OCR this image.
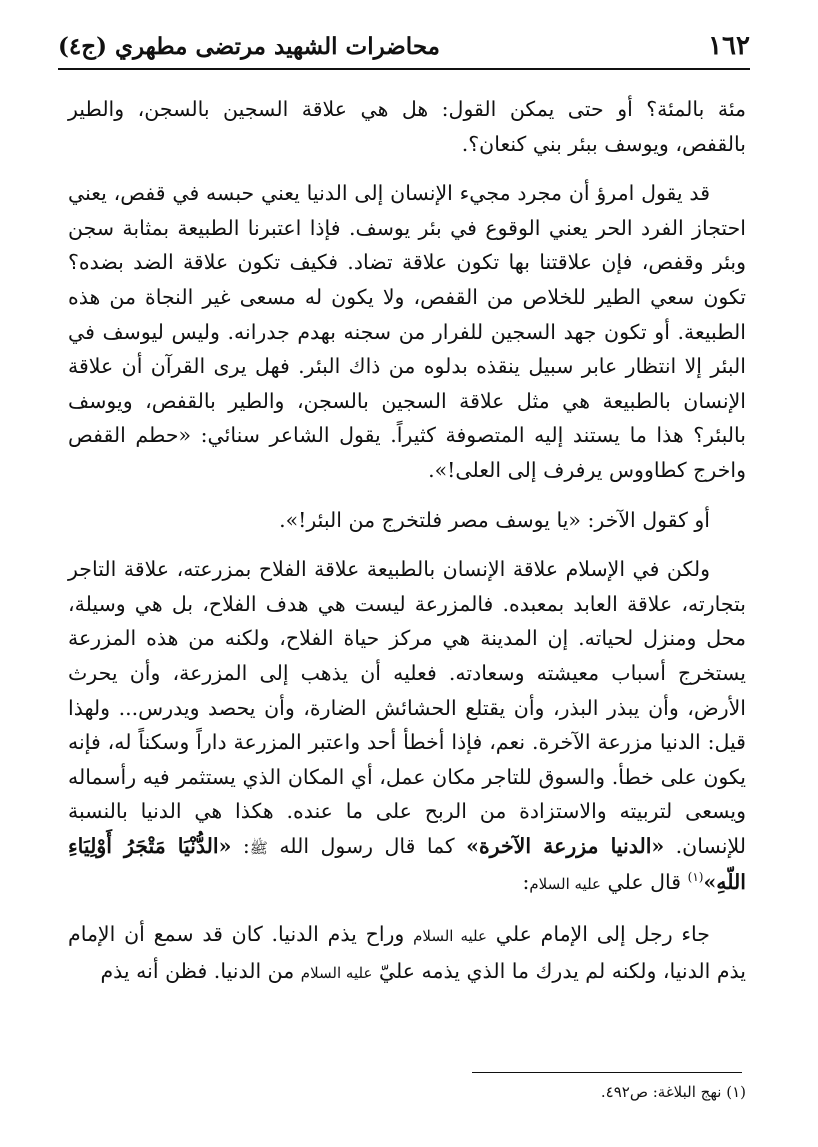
١٦٢
محاضرات الشهيد مرتضى مطهري (ج٤)

مئة بالمئة؟ أو حتى يمكن القول: هل هي علاقة السجين بالسجن، والطير بالقفص، ويوسف ببئر بني كنعان؟.

قد يقول امرؤ أن مجرد مجيء الإنسان إلى الدنيا يعني حبسه في قفص، يعني احتجاز الفرد الحر يعني الوقوع في بئر يوسف. فإذا اعتبرنا الطبيعة بمثابة سجن وبئر وقفص، فإن علاقتنا بها تكون علاقة تضاد. فكيف تكون علاقة الضد بضده؟ تكون سعي الطير للخلاص من القفص، ولا يكون له مسعى غير النجاة من هذه الطبيعة. أو تكون جهد السجين للفرار من سجنه بهدم جدرانه. وليس ليوسف في البئر إلا انتظار عابر سبيل ينقذه بدلوه من ذاك البئر. فهل يرى القرآن أن علاقة الإنسان بالطبيعة هي مثل علاقة السجين بالسجن، والطير بالقفص، ويوسف بالبئر؟ هذا ما يستند إليه المتصوفة كثيراً. يقول الشاعر سنائي: «حطم القفص واخرج كطاووس يرفرف إلى العلى!».

أو كقول الآخر: «يا يوسف مصر فلتخرج من البئر!».

ولكن في الإسلام علاقة الإنسان بالطبيعة علاقة الفلاح بمزرعته، علاقة التاجر بتجارته، علاقة العابد بمعبده. فالمزرعة ليست هي هدف الفلاح، بل هي وسيلة، محل ومنزل لحياته. إن المدينة هي مركز حياة الفلاح، ولكنه من هذه المزرعة يستخرج أسباب معيشته وسعادته. فعليه أن يذهب إلى المزرعة، وأن يحرث الأرض، وأن يبذر البذر، وأن يقتلع الحشائش الضارة، وأن يحصد ويدرس... ولهذا قيل: الدنيا مزرعة الآخرة. نعم، فإذا أخطأ أحد واعتبر المزرعة داراً وسكناً له، فإنه يكون على خطأ. والسوق للتاجر مكان عمل، أي المكان الذي يستثمر فيه رأسماله ويسعى لتربيته والاستزادة من الربح على ما عنده. هكذا هي الدنيا بالنسبة للإنسان. «الدنيا مزرعة الآخرة» كما قال رسول الله ﷺ: «الدُّنْيَا مَتْجَرُ أَوْلِيَاءِ اللّهِ»$^{(١)}$ قال علي عليه السلام:

جاء رجل إلى الإمام علي عليه السلام وراح يذم الدنيا. كان قد سمع أن الإمام يذم الدنيا، ولكنه لم يدرك ما الذي يذمه عليّ عليه السلام من الدنيا. فظن أنه يذم

(١) نهج البلاغة: ص٤٩٢.
